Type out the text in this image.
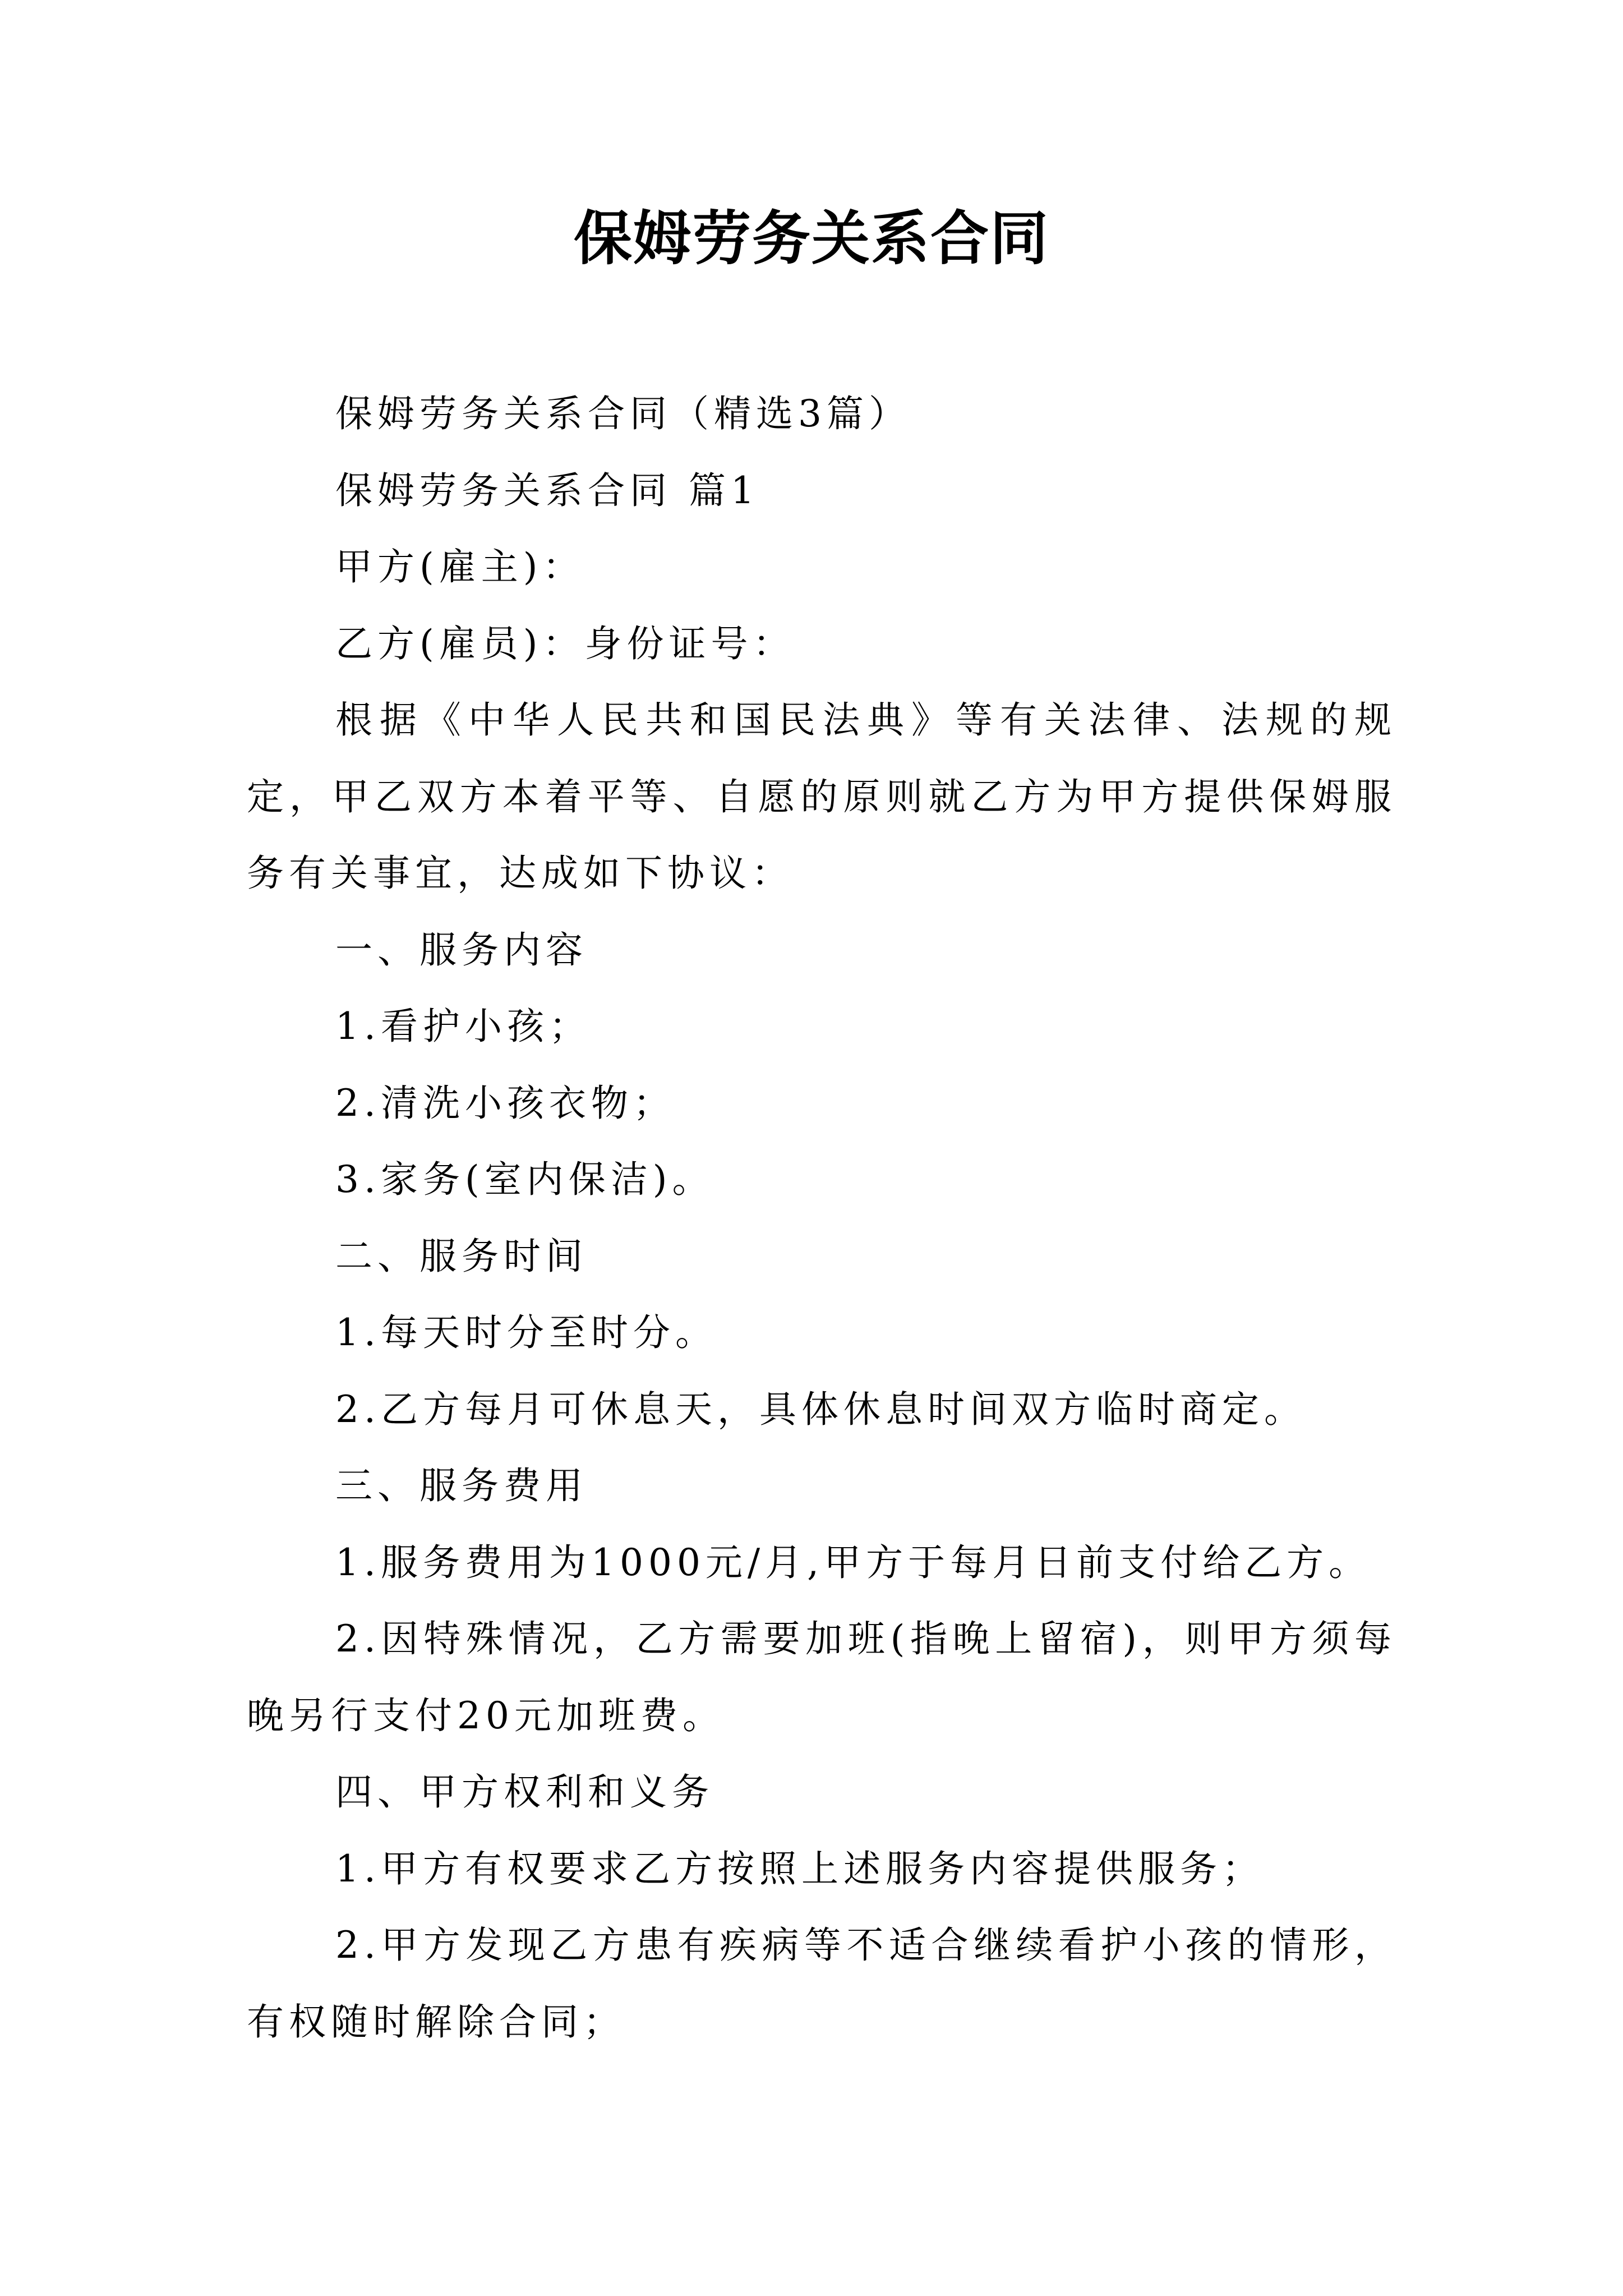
保姆劳务关系合同

保姆劳务关系合同（精选3篇）

保姆劳务关系合同 篇1

甲方(雇主)：

乙方(雇员)：身份证号：

根据《中华人民共和国民法典》等有关法律、法规的规定，甲乙双方本着平等、自愿的原则就乙方为甲方提供保姆服务有关事宜，达成如下协议：

一、服务内容

1.看护小孩；

2.清洗小孩衣物；

3.家务(室内保洁)。

二、服务时间

1.每天时分至时分。

2.乙方每月可休息天，具体休息时间双方临时商定。

三、服务费用

1.服务费用为1000元/月,甲方于每月日前支付给乙方。

2.因特殊情况，乙方需要加班(指晚上留宿)，则甲方须每晚另行支付20元加班费。

四、甲方权利和义务

1.甲方有权要求乙方按照上述服务内容提供服务；

2.甲方发现乙方患有疾病等不适合继续看护小孩的情形，有权随时解除合同；
